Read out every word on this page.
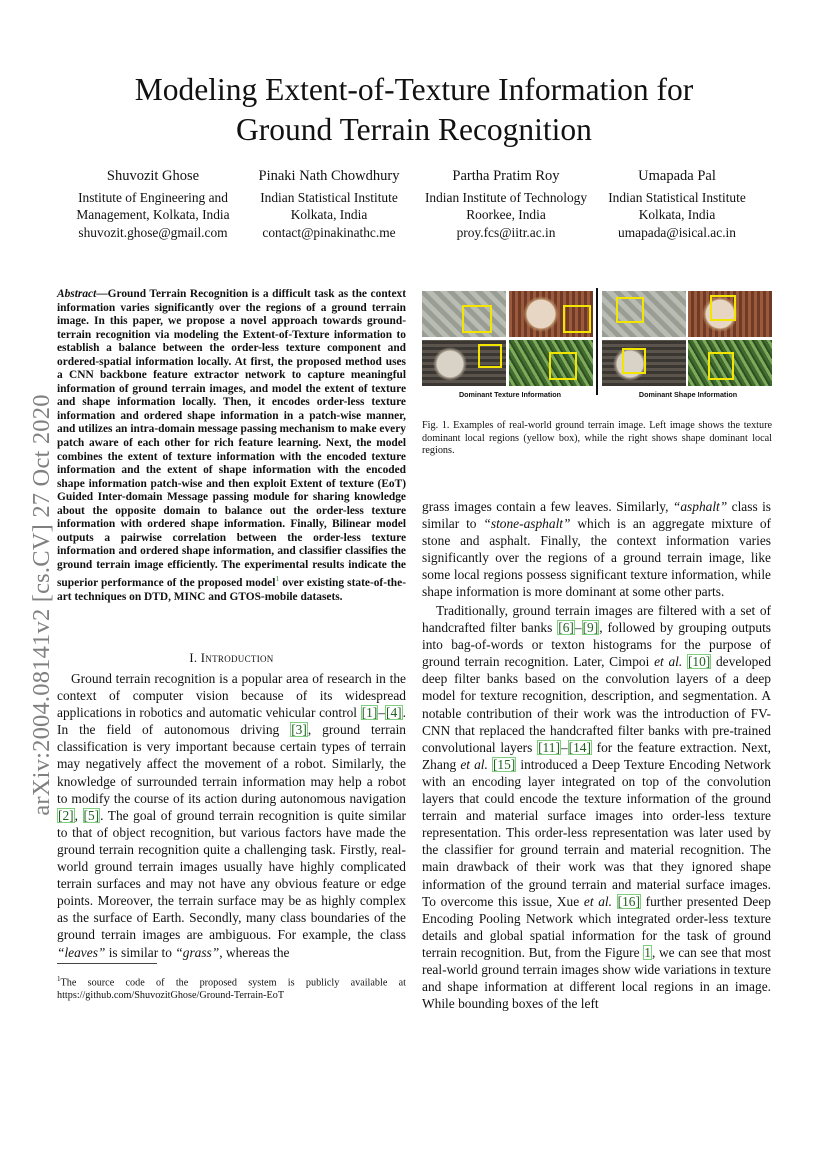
arXiv:2004.08141v2 [cs.CV] 27 Oct 2020
Modeling Extent-of-Texture Information for
Ground Terrain Recognition
Shuvozit Ghose
Institute of Engineering and
Management, Kolkata, India
shuvozit.ghose@gmail.com
Pinaki Nath Chowdhury
Indian Statistical Institute
Kolkata, India
contact@pinakinathc.me
Partha Pratim Roy
Indian Institute of Technology
Roorkee, India
proy.fcs@iitr.ac.in
Umapada Pal
Indian Statistical Institute
Kolkata, India
umapada@isical.ac.in
Abstract—Ground Terrain Recognition is a difficult task as the context information varies significantly over the regions of a ground terrain image. In this paper, we propose a novel approach towards ground-terrain recognition via modeling the Extent-of-Texture information to establish a balance between the order-less texture component and ordered-spatial information locally. At first, the proposed method uses a CNN backbone feature extractor network to capture meaningful information of ground terrain images, and model the extent of texture and shape information locally. Then, it encodes order-less texture information and ordered shape information in a patch-wise manner, and utilizes an intra-domain message passing mechanism to make every patch aware of each other for rich feature learning. Next, the model combines the extent of texture information with the encoded texture information and the extent of shape information with the encoded shape information patch-wise and then exploit Extent of texture (EoT) Guided Inter-domain Message passing module for sharing knowledge about the opposite domain to balance out the order-less texture information with ordered shape information. Finally, Bilinear model outputs a pairwise correlation between the order-less texture information and ordered shape information, and classifier classifies the ground terrain image efficiently. The experimental results indicate the superior performance of the proposed model$^1$ over existing state-of-the-art techniques on DTD, MINC and GTOS-mobile datasets.
I. Introduction

Ground terrain recognition is a popular area of research in the context of computer vision because of its widespread applications in robotics and automatic vehicular control [1]–[4]. In the field of autonomous driving [3], ground terrain classification is very important because certain types of terrain may negatively affect the movement of a robot. Similarly, the knowledge of surrounded terrain information may help a robot to modify the course of its action during autonomous navigation [2], [5]. The goal of ground terrain recognition is quite similar to that of object recognition, but various factors have made the ground terrain recognition quite a challenging task. Firstly, real-world ground terrain images usually have highly complicated terrain surfaces and may not have any obvious feature or edge points. Moreover, the terrain surface may be as highly complex as the surface of Earth. Secondly, many class boundaries of the ground terrain images are ambiguous. For example, the class “leaves” is similar to “grass”, whereas the

$^1$The source code of the proposed system is publicly available at https://github.com/ShuvozitGhose/Ground-Terrain-EoT
Dominant Texture Information	Dominant Shape Information
Fig. 1. Examples of real-world ground terrain image. Left image shows the texture dominant local regions (yellow box), while the right shows shape dominant local regions.

grass images contain a few leaves. Similarly, “asphalt” class is similar to “stone-asphalt” which is an aggregate mixture of stone and asphalt. Finally, the context information varies significantly over the regions of a ground terrain image, like some local regions possess significant texture information, while shape information is more dominant at some other parts.

Traditionally, ground terrain images are filtered with a set of handcrafted filter banks [6]–[9], followed by grouping outputs into bag-of-words or texton histograms for the purpose of ground terrain recognition. Later, Cimpoi et al. [10] developed deep filter banks based on the convolution layers of a deep model for texture recognition, description, and segmentation. A notable contribution of their work was the introduction of FV-CNN that replaced the handcrafted filter banks with pre-trained convolutional layers [11]–[14] for the feature extraction. Next, Zhang et al. [15] introduced a Deep Texture Encoding Network with an encoding layer integrated on top of the convolution layers that could encode the texture information of the ground terrain and material surface images into order-less texture representation. This order-less representation was later used by the classifier for ground terrain and material recognition. The main drawback of their work was that they ignored shape information of the ground terrain and material surface images. To overcome this issue, Xue et al. [16] further presented Deep Encoding Pooling Network which integrated order-less texture details and global spatial information for the task of ground terrain recognition. But, from the Figure 1, we can see that most real-world ground terrain images show wide variations in texture and shape information at different local regions in an image. While bounding boxes of the left
